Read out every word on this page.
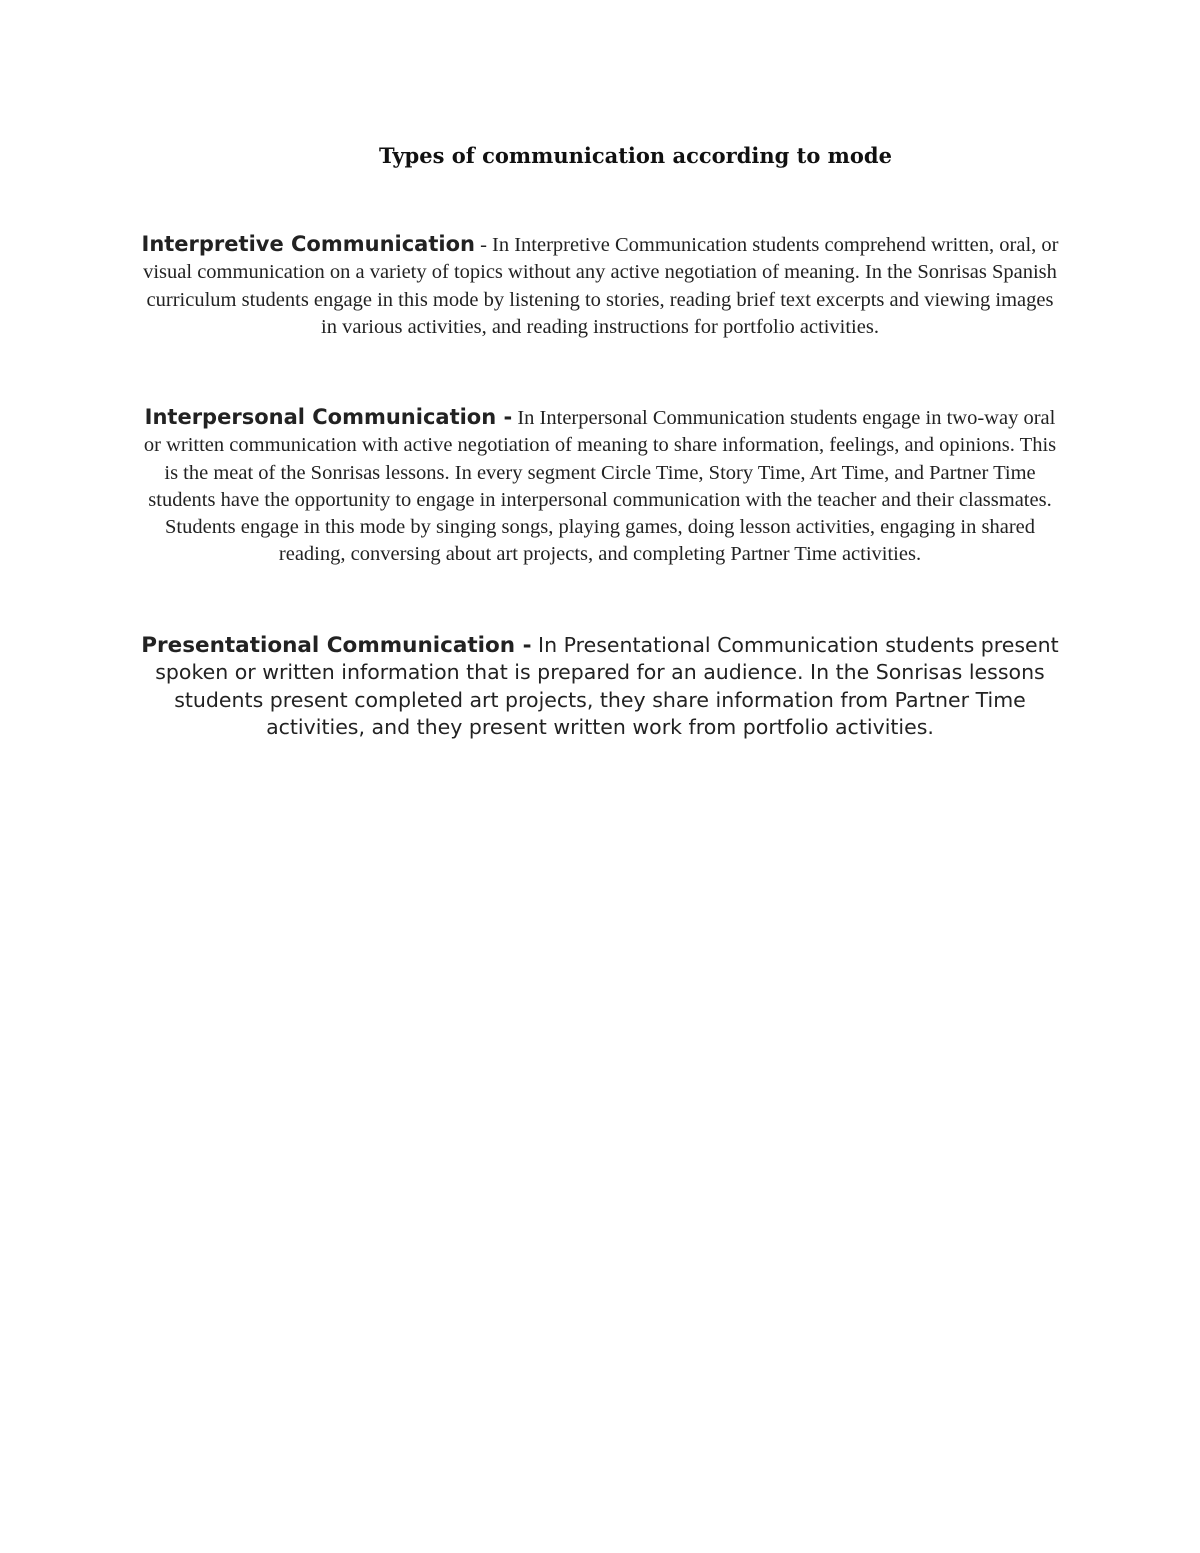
Types of communication according to mode

Interpretive Communication - In Interpretive Communication students comprehend written, oral, or visual communication on a variety of topics without any active negotiation of meaning. In the Sonrisas Spanish curriculum students engage in this mode by listening to stories, reading brief text excerpts and viewing images in various activities, and reading instructions for portfolio activities.

Interpersonal Communication - In Interpersonal Communication students engage in two-way oral or written communication with active negotiation of meaning to share information, feelings, and opinions. This is the meat of the Sonrisas lessons. In every segment Circle Time, Story Time, Art Time, and Partner Time students have the opportunity to engage in interpersonal communication with the teacher and their classmates. Students engage in this mode by singing songs, playing games, doing lesson activities, engaging in shared reading, conversing about art projects, and completing Partner Time activities.

Presentational Communication - In Presentational Communication students present spoken or written information that is prepared for an audience. In the Sonrisas lessons students present completed art projects, they share information from Partner Time activities, and they present written work from portfolio activities.
